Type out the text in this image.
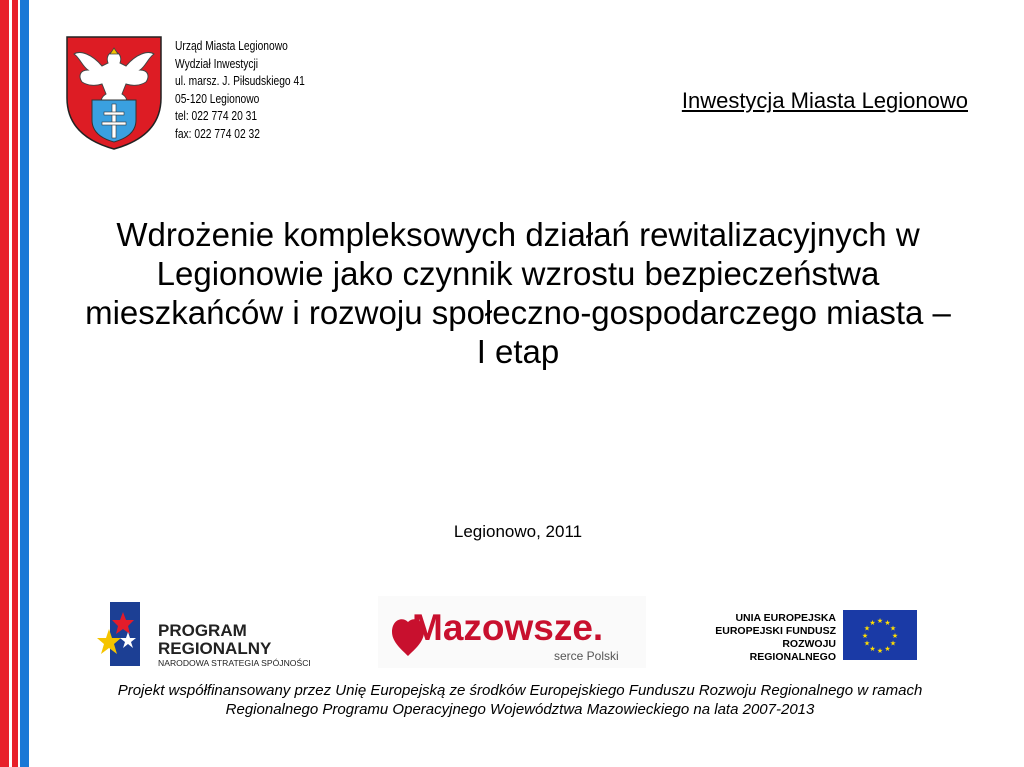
Urząd Miasta Legionowo
Wydział Inwestycji
ul. marsz. J. Piłsudskiego 41
05-120 Legionowo
tel: 022 774 20 31
fax: 022 774 02 32
Inwestycja Miasta Legionowo
Wdrożenie kompleksowych działań rewitalizacyjnych w
Legionowie jako czynnik wzrostu bezpieczeństwa
mieszkańców i rozwoju społeczno-gospodarczego miasta –
I etap
Legionowo, 2011
PROGRAM
REGIONALNY
NARODOWA STRATEGIA SPÓJNOŚCI
Mazowsze.
serce Polski
UNIA EUROPEJSKA
EUROPEJSKI FUNDUSZ
ROZWOJU REGIONALNEGO
★ ★
★
★
★
★
★
★
★
★
★
★
Projekt współfinansowany przez Unię Europejską ze środków Europejskiego Funduszu Rozwoju Regionalnego w ramach
Regionalnego Programu Operacyjnego Województwa Mazowieckiego na lata 2007-2013
